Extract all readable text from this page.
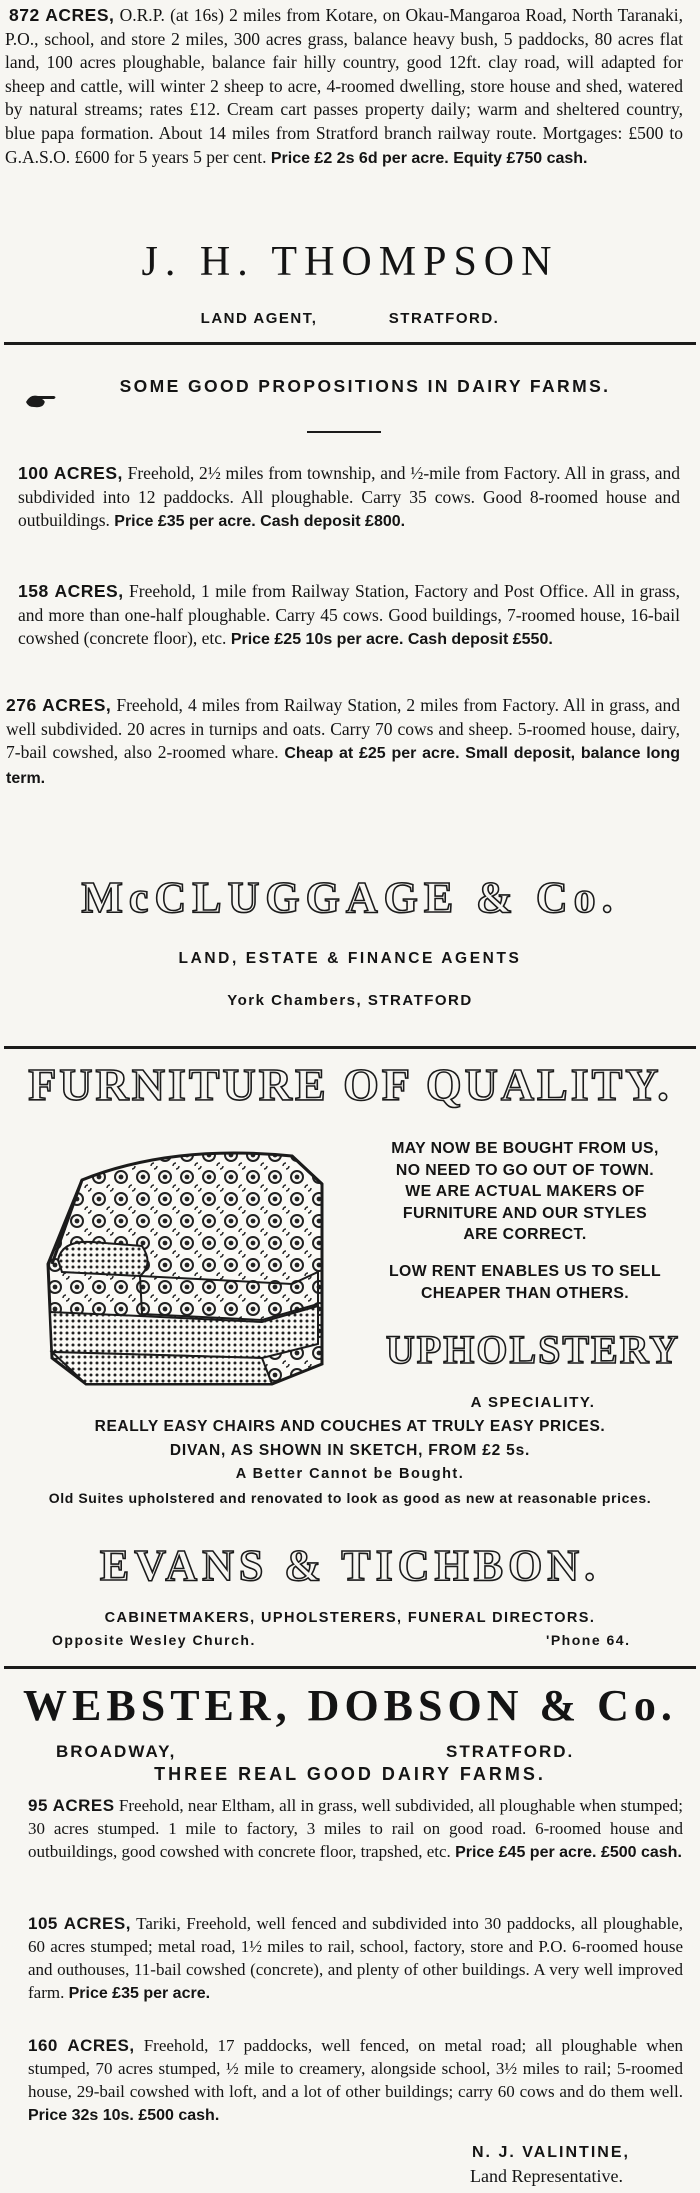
872 ACRES, O.R.P. (at 16s) 2 miles from Kotare, on Okau-Mangaroa Road, North Taranaki, P.O., school, and store 2 miles, 300 acres grass, balance heavy bush, 5 paddocks, 80 acres flat land, 100 acres ploughable, balance fair hilly country, good 12ft. clay road, will adapted for sheep and cattle, will winter 2 sheep to acre, 4-roomed dwelling, store house and shed, watered by natural streams; rates £12. Cream cart passes property daily; warm and sheltered country, blue papa formation. About 14 miles from Stratford branch railway route. Mortgages: £500 to G.A.S.O. £600 for 5 years 5 per cent. Price £2 2s 6d per acre. Equity £750 cash.

J. H. THOMPSON
LAND AGENT,	STRATFORD.
SOME GOOD PROPOSITIONS IN DAIRY FARMS.

100 ACRES, Freehold, 2½ miles from township, and ½-mile from Factory. All in grass, and subdivided into 12 paddocks. All ploughable. Carry 35 cows. Good 8-roomed house and outbuildings. Price £35 per acre. Cash deposit £800.

158 ACRES, Freehold, 1 mile from Railway Station, Factory and Post Office. All in grass, and more than one-half ploughable. Carry 45 cows. Good buildings, 7-roomed house, 16-bail cowshed (concrete floor), etc. Price £25 10s per acre. Cash deposit £550.

276 ACRES, Freehold, 4 miles from Railway Station, 2 miles from Factory. All in grass, and well subdivided. 20 acres in turnips and oats. Carry 70 cows and sheep. 5-roomed house, dairy, 7-bail cowshed, also 2-roomed whare. Cheap at £25 per acre. Small deposit, balance long term.

McCLUGGAGE & Co.
LAND, ESTATE & FINANCE AGENTS
York Chambers, STRATFORD
FURNITURE OF QUALITY.
MAY NOW BE BOUGHT FROM US,
NO NEED TO GO OUT OF TOWN.
WE ARE ACTUAL MAKERS OF
FURNITURE AND OUR STYLES
ARE CORRECT.
LOW RENT ENABLES US TO SELL
CHEAPER THAN OTHERS.
UPHOLSTERY
A SPECIALITY.
REALLY EASY CHAIRS AND COUCHES AT TRULY EASY PRICES.
DIVAN, AS SHOWN IN SKETCH, FROM £2 5s.
A Better Cannot be Bought.
Old Suites upholstered and renovated to look as good as new at reasonable prices.
EVANS & TICHBON.
CABINETMAKERS, UPHOLSTERERS, FUNERAL DIRECTORS.
Opposite Wesley Church.	'Phone 64.
WEBSTER, DOBSON & Co.
BROADWAY,	STRATFORD.
THREE REAL GOOD DAIRY FARMS.

95 ACRES Freehold, near Eltham, all in grass, well subdivided, all ploughable when stumped; 30 acres stumped. 1 mile to factory, 3 miles to rail on good road. 6-roomed house and outbuildings, good cowshed with concrete floor, trapshed, etc. Price £45 per acre. £500 cash.

105 ACRES, Tariki, Freehold, well fenced and subdivided into 30 paddocks, all ploughable, 60 acres stumped; metal road, 1½ miles to rail, school, factory, store and P.O. 6-roomed house and outhouses, 11-bail cowshed (concrete), and plenty of other buildings. A very well improved farm. Price £35 per acre.

160 ACRES, Freehold, 17 paddocks, well fenced, on metal road; all ploughable when stumped, 70 acres stumped, ½ mile to creamery, alongside school, 3½ miles to rail; 5-roomed house, 29-bail cowshed with loft, and a lot of other buildings; carry 60 cows and do them well. Price 32s 10s. £500 cash.

N. J. VALINTINE,
Land Representative.
